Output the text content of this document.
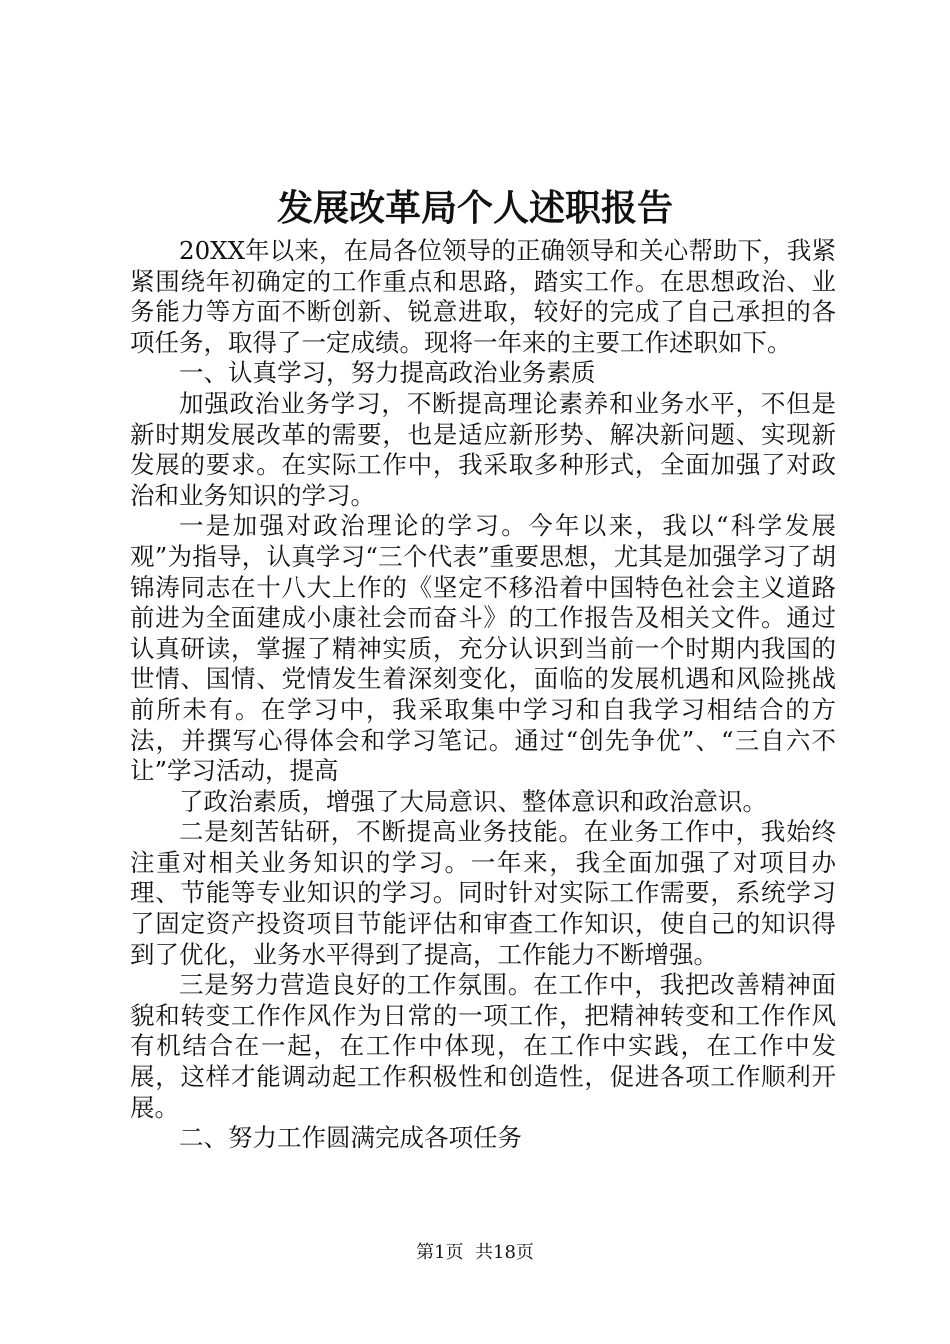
发展改革局个人述职报告

20XX年以来，在局各位领导的正确领导和关心帮助下，我紧紧围绕年初确定的工作重点和思路，踏实工作。在思想政治、业务能力等方面不断创新、锐意进取，较好的完成了自己承担的各项任务，取得了一定成绩。现将一年来的主要工作述职如下。

一、认真学习，努力提高政治业务素质

加强政治业务学习，不断提高理论素养和业务水平，不但是新时期发展改革的需要，也是适应新形势、解决新问题、实现新发展的要求。在实际工作中，我采取多种形式，全面加强了对政治和业务知识的学习。

一是加强对政治理论的学习。今年以来，我以“科学发展观”为指导，认真学习“三个代表”重要思想，尤其是加强学习了胡锦涛同志在十八大上作的《坚定不移沿着中国特色社会主义道路前进为全面建成小康社会而奋斗》的工作报告及相关文件。通过认真研读，掌握了精神实质，充分认识到当前一个时期内我国的世情、国情、党情发生着深刻变化，面临的发展机遇和风险挑战前所未有。在学习中，我采取集中学习和自我学习相结合的方法，并撰写心得体会和学习笔记。通过“创先争优”、“三自六不让”学习活动，提高

了政治素质，增强了大局意识、整体意识和政治意识。

二是刻苦钻研，不断提高业务技能。在业务工作中，我始终注重对相关业务知识的学习。一年来，我全面加强了对项目办理、节能等专业知识的学习。同时针对实际工作需要，系统学习了固定资产投资项目节能评估和审查工作知识，使自己的知识得到了优化，业务水平得到了提高，工作能力不断增强。

三是努力营造良好的工作氛围。在工作中，我把改善精神面貌和转变工作作风作为日常的一项工作，把精神转变和工作作风有机结合在一起，在工作中体现，在工作中实践，在工作中发展，这样才能调动起工作积极性和创造性，促进各项工作顺利开展。

二、努力工作圆满完成各项任务

第1页 共18页
